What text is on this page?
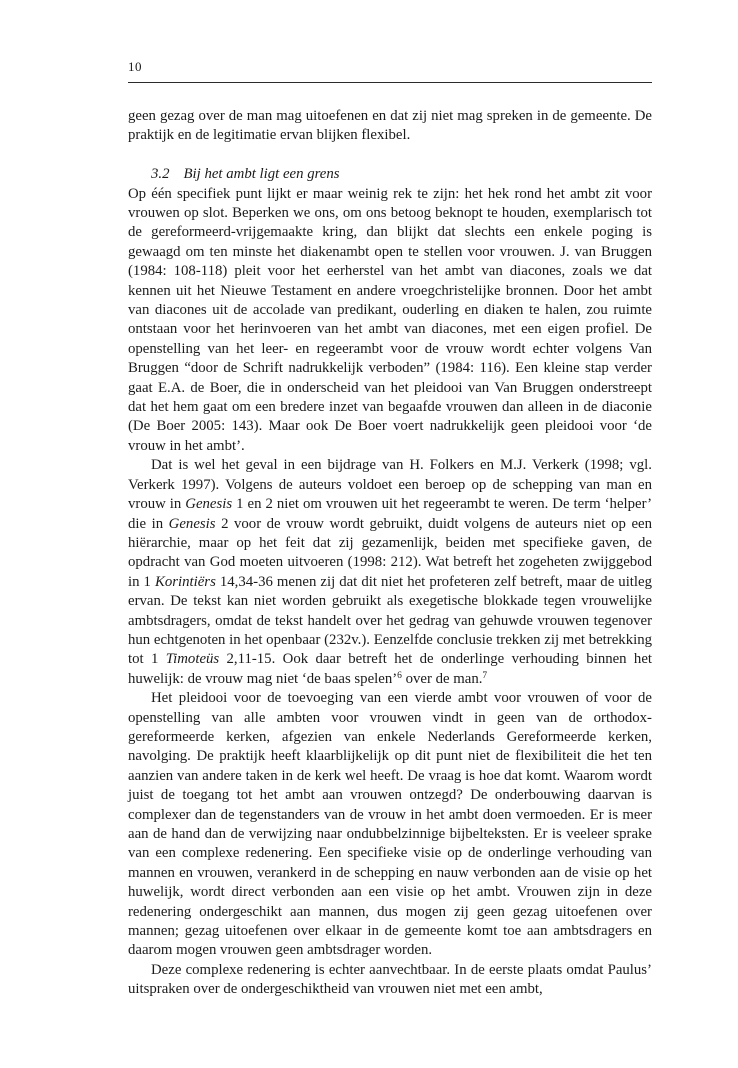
10

geen gezag over de man mag uitoefenen en dat zij niet mag spreken in de gemeente. De praktijk en de legitimatie ervan blijken flexibel.

3.2 Bij het ambt ligt een grens

Op één specifiek punt lijkt er maar weinig rek te zijn: het hek rond het ambt zit voor vrouwen op slot. Beperken we ons, om ons betoog beknopt te houden, exemplarisch tot de gereformeerd-vrijgemaakte kring, dan blijkt dat slechts een enkele poging is gewaagd om ten minste het diakenambt open te stellen voor vrouwen. J. van Bruggen (1984: 108-118) pleit voor het eerherstel van het ambt van diacones, zoals we dat kennen uit het Nieuwe Testament en andere vroegchristelijke bronnen. Door het ambt van diacones uit de accolade van predikant, ouderling en diaken te halen, zou ruimte ontstaan voor het herinvoeren van het ambt van diacones, met een eigen profiel. De openstelling van het leer- en regeerambt voor de vrouw wordt echter volgens Van Bruggen “door de Schrift nadrukkelijk verboden” (1984: 116). Een kleine stap verder gaat E.A. de Boer, die in onderscheid van het pleidooi van Van Bruggen onderstreept dat het hem gaat om een bredere inzet van begaafde vrouwen dan alleen in de diaconie (De Boer 2005: 143). Maar ook De Boer voert nadrukkelijk geen pleidooi voor ‘de vrouw in het ambt’.

Dat is wel het geval in een bijdrage van H. Folkers en M.J. Verkerk (1998; vgl. Verkerk 1997). Volgens de auteurs voldoet een beroep op de schepping van man en vrouw in Genesis 1 en 2 niet om vrouwen uit het regeerambt te weren. De term ‘helper’ die in Genesis 2 voor de vrouw wordt gebruikt, duidt volgens de auteurs niet op een hiërarchie, maar op het feit dat zij gezamenlijk, beiden met specifieke gaven, de opdracht van God moeten uitvoeren (1998: 212). Wat betreft het zogeheten zwijggebod in 1 Korintiërs 14,34-36 menen zij dat dit niet het profeteren zelf betreft, maar de uitleg ervan. De tekst kan niet worden gebruikt als exegetische blokkade tegen vrouwelijke ambtsdragers, omdat de tekst handelt over het gedrag van gehuwde vrouwen tegenover hun echtgenoten in het openbaar (232v.). Eenzelfde conclusie trekken zij met betrekking tot 1 Timoteüs 2,11-15. Ook daar betreft het de onderlinge verhouding binnen het huwelijk: de vrouw mag niet ‘de baas spelen’$^6$ over de man.$^7$

Het pleidooi voor de toevoeging van een vierde ambt voor vrouwen of voor de openstelling van alle ambten voor vrouwen vindt in geen van de orthodox-gereformeerde kerken, afgezien van enkele Nederlands Gereformeerde kerken, navolging. De praktijk heeft klaarblijkelijk op dit punt niet de flexibiliteit die het ten aanzien van andere taken in de kerk wel heeft. De vraag is hoe dat komt. Waarom wordt juist de toegang tot het ambt aan vrouwen ontzegd? De onderbouwing daarvan is complexer dan de tegenstanders van de vrouw in het ambt doen vermoeden. Er is meer aan de hand dan de verwijzing naar ondubbelzinnige bijbelteksten. Er is veeleer sprake van een complexe redenering. Een specifieke visie op de onderlinge verhouding van mannen en vrouwen, verankerd in de schepping en nauw verbonden aan de visie op het huwelijk, wordt direct verbonden aan een visie op het ambt. Vrouwen zijn in deze redenering ondergeschikt aan mannen, dus mogen zij geen gezag uitoefenen over mannen; gezag uitoefenen over elkaar in de gemeente komt toe aan ambtsdragers en daarom mogen vrouwen geen ambtsdrager worden.

Deze complexe redenering is echter aanvechtbaar. In de eerste plaats omdat Paulus’ uitspraken over de ondergeschiktheid van vrouwen niet met een ambt,
